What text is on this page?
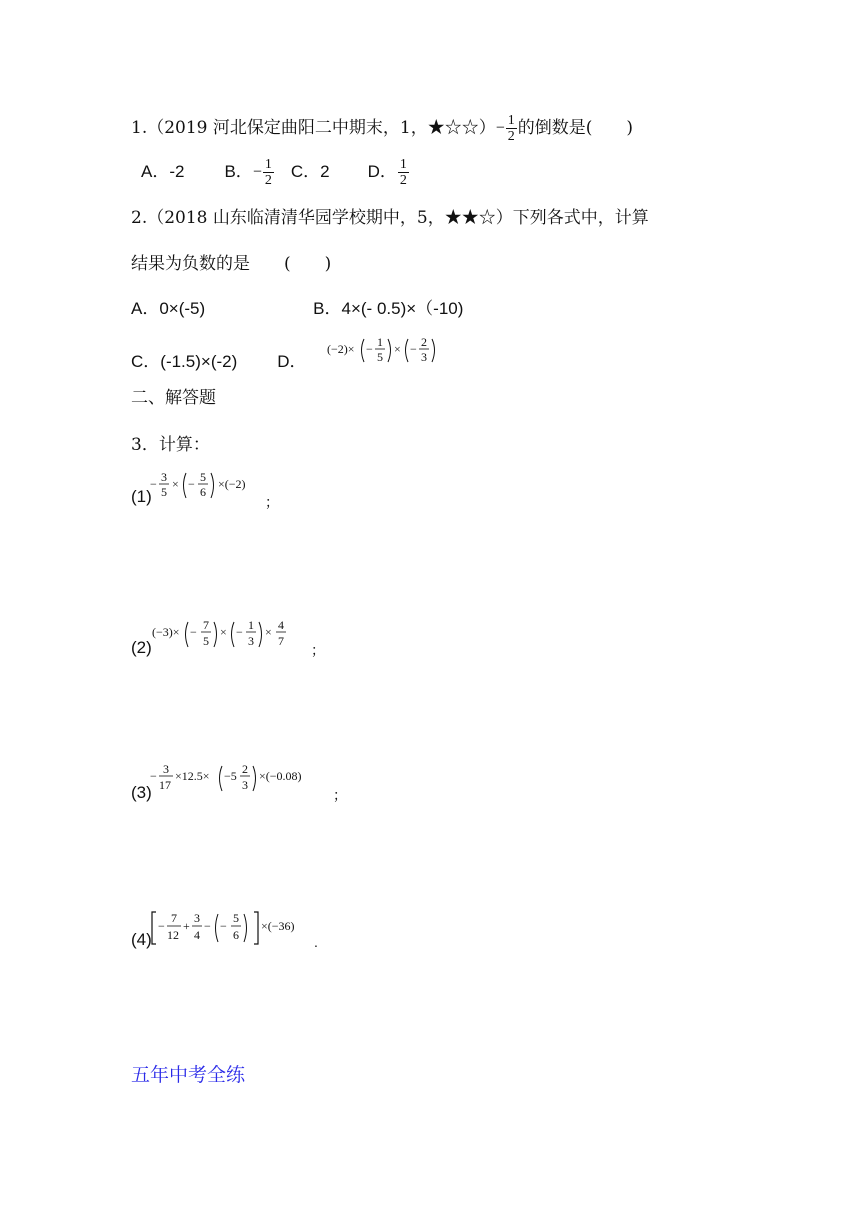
1.（2019 河北保定曲阳二中期末，1，★☆☆）− $\frac{1}{2}$ 的倒数是(　　)
A．-2 B．− $\frac{1}{2}$ C．2 D． $\frac{1}{2}$
2.（2018 山东临清清华园学校期中，5，★★☆）下列各式中，计算
结果为负数的是　　(　　)
A．0×(-5)	B．4×(- 0.5)×（-10)
C．(-1.5)×(-2) D．
(−2)× − 1
5
× − 2
3
二、解答题
3．计算：
(1)
− 3
5
× − 5
6
×(−2)
；
(2)
(−3)× − 7
5
× − 1
3
× 4
7
；
(3)
− 3
17
×12.5× −5 2
3
×(−0.08)
；
(4)
−
7
12
+
3
4
− −
5
6
×(−36)
.
五年中考全练
